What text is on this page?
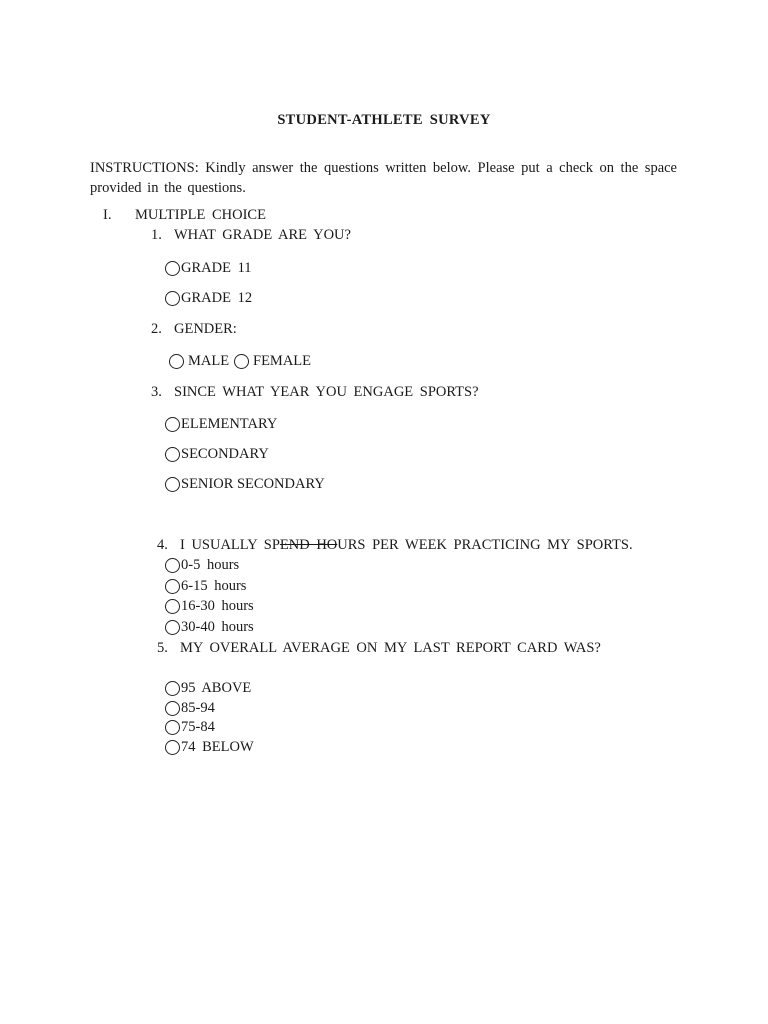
STUDENT-ATHLETE SURVEY
INSTRUCTIONS: Kindly answer the questions written below. Please put a check on the space provided in the questions.
I. MULTIPLE CHOICE
1. WHAT GRADE ARE YOU?
GRADE 11
GRADE 12
2. GENDER:
MALE FEMALE
3. SINCE WHAT YEAR YOU ENGAGE SPORTS?
ELEMENTARY
SECONDARY
SENIOR SECONDARY
4. I USUALLY SPEND HOURS PER WEEK PRACTICING MY SPORTS.
0-5 hours
6-15 hours
16-30 hours
30-40 hours
5. MY OVERALL AVERAGE ON MY LAST REPORT CARD WAS?
95 ABOVE
85-94
75-84
74 BELOW
